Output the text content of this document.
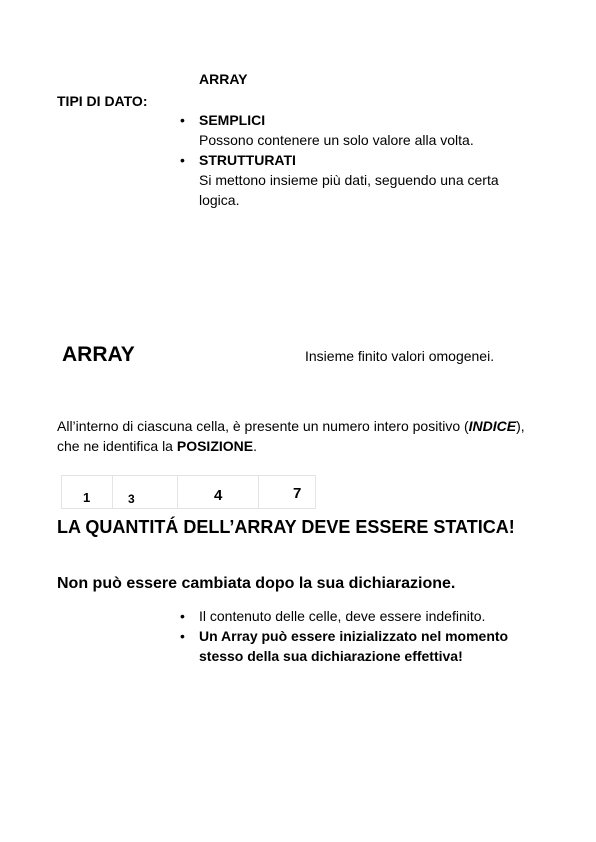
ARRAY
TIPI DI DATO:
• SEMPLICI
Possono contenere un solo valore alla volta.
• STRUTTURATI
Si mettono insieme più dati, seguendo una certa logica.
ARRAY	Insieme finito valori omogenei.
All’interno di ciascuna cella, è presente un numero intero positivo (INDICE), che ne identifica la POSIZIONE.
1	3	4	7
LA QUANTITÁ DELL’ARRAY DEVE ESSERE STATICA!
Non può essere cambiata dopo la sua dichiarazione.
• Il contenuto delle celle, deve essere indefinito.
• Un Array può essere inizializzato nel momento stesso della sua dichiarazione effettiva!
